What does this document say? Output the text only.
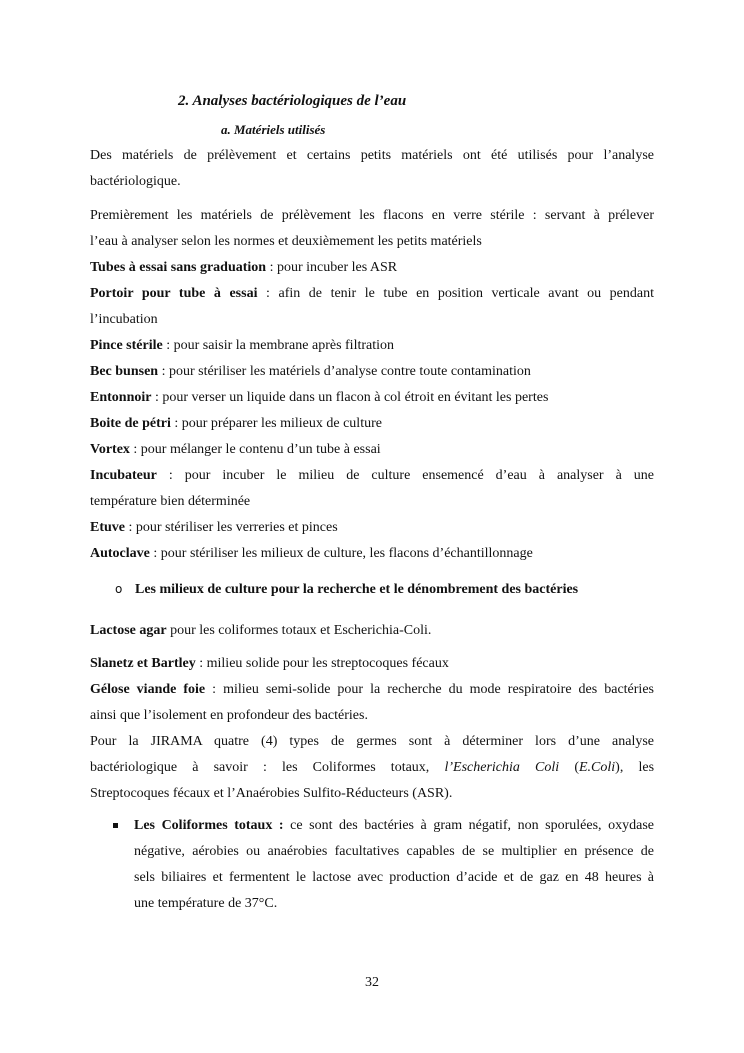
2. Analyses bactériologiques de l’eau
a. Matériels utilisés
Des matériels de prélèvement et certains petits matériels ont été utilisés pour l’analyse
bactériologique.
Premièrement les matériels de prélèvement les flacons en verre stérile : servant à prélever
l’eau à analyser selon les normes et deuxièmement les petits matériels
Tubes à essai sans graduation : pour incuber les ASR
Portoir pour tube à essai : afin de tenir le tube en position verticale avant ou pendant
l’incubation
Pince stérile : pour saisir la membrane après filtration
Bec bunsen : pour stériliser les matériels d’analyse contre toute contamination
Entonnoir : pour verser un liquide dans un flacon à col étroit en évitant les pertes
Boite de pétri : pour préparer les milieux de culture
Vortex : pour mélanger le contenu d’un tube à essai
Incubateur : pour incuber le milieu de culture ensemencé d’eau à analyser à une
température bien déterminée
Etuve : pour stériliser les verreries et pinces
Autoclave : pour stériliser les milieux de culture, les flacons d’échantillonnage
o Les milieux de culture pour la recherche et le dénombrement des bactéries
Lactose agar pour les coliformes totaux et Escherichia-Coli.
Slanetz et Bartley : milieu solide pour les streptocoques fécaux
Gélose viande foie : milieu semi-solide pour la recherche du mode respiratoire des bactéries
ainsi que l’isolement en profondeur des bactéries.
Pour la JIRAMA quatre (4) types de germes sont à déterminer lors d’une analyse
bactériologique à savoir : les Coliformes totaux, l’Escherichia Coli (E.Coli), les
Streptocoques fécaux et l’Anaérobies Sulfito-Réducteurs (ASR).
Les Coliformes totaux : ce sont des bactéries à gram négatif, non sporulées, oxydase
négative, aérobies ou anaérobies facultatives capables de se multiplier en présence de
sels biliaires et fermentent le lactose avec production d’acide et de gaz en 48 heures à
une température de 37°C.
32
